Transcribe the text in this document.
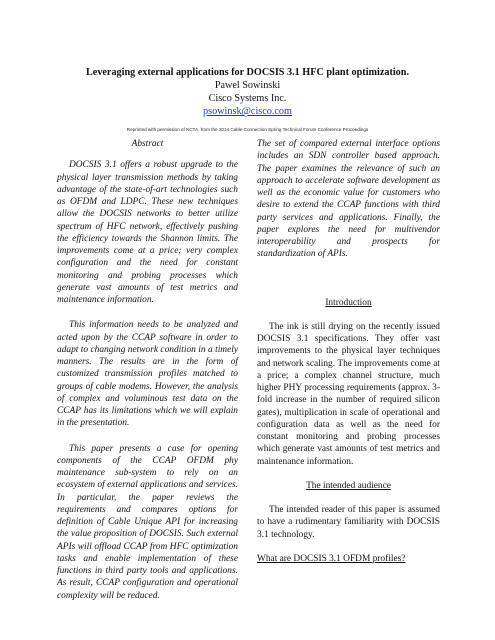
Leveraging external applications for DOCSIS 3.1 HFC plant optimization.
Pawel Sowinski
Cisco Systems Inc.
psowinsk@cisco.com
Reprinted with permission of NCTA, from the 2014 Cable Connection Spring Technical Forum Conference Proceedings
Abstract

DOCSIS 3.1 offers a robust upgrade to the physical layer transmission methods by taking advantage of the state-of-art technologies such as OFDM and LDPC. These new techniques allow the DOCSIS networks to better utilize spectrum of HFC network, effectively pushing the efficiency towards the Shannon limits. The improvements come at a price; very complex configuration and the need for constant monitoring and probing processes which generate vast amounts of test metrics and maintenance information.

This information needs to be analyzed and acted upon by the CCAP software in order to adapt to changing network condition in a timely manners. The results are in the form of customized transmission profiles matched to groups of cable modems. However, the analysis of complex and voluminous test data on the CCAP has its limitations which we will explain in the presentation.

This paper presents a case for opening components of the CCAP OFDM phy maintenance sub-system to rely on an ecosystem of external applications and services. In particular, the paper reviews the requirements and compares options for definition of Cable Unique API for increasing the value proposition of DOCSIS. Such external APIs will offload CCAP from HFC optimization tasks and enable implementation of these functions in third party tools and applications. As result, CCAP configuration and operational complexity will be reduced.

The set of compared external interface options includes an SDN controller based approach. The paper examines the relevance of such an approach to accelerate software development as well as the economic value for customers who desire to extend the CCAP functions with third party services and applications. Finally, the paper explores the need for multivendor interoperability and prospects for standardization of APIs.

Introduction

The ink is still drying on the recently issued DOCSIS 3.1 specifications. They offer vast improvements to the physical layer techniques and network scaling. The improvements come at a price; a complex channel structure, much higher PHY processing requirements (approx. 3-fold increase in the number of required silicon gates), multiplication in scale of operational and configuration data as well as the need for constant monitoring and probing processes which generate vast amounts of test metrics and maintenance information.

The intended audience

The intended reader of this paper is assumed to have a rudimentary familiarity with DOCSIS 3.1 technology.

What are DOCSIS 3.1 OFDM profiles?
